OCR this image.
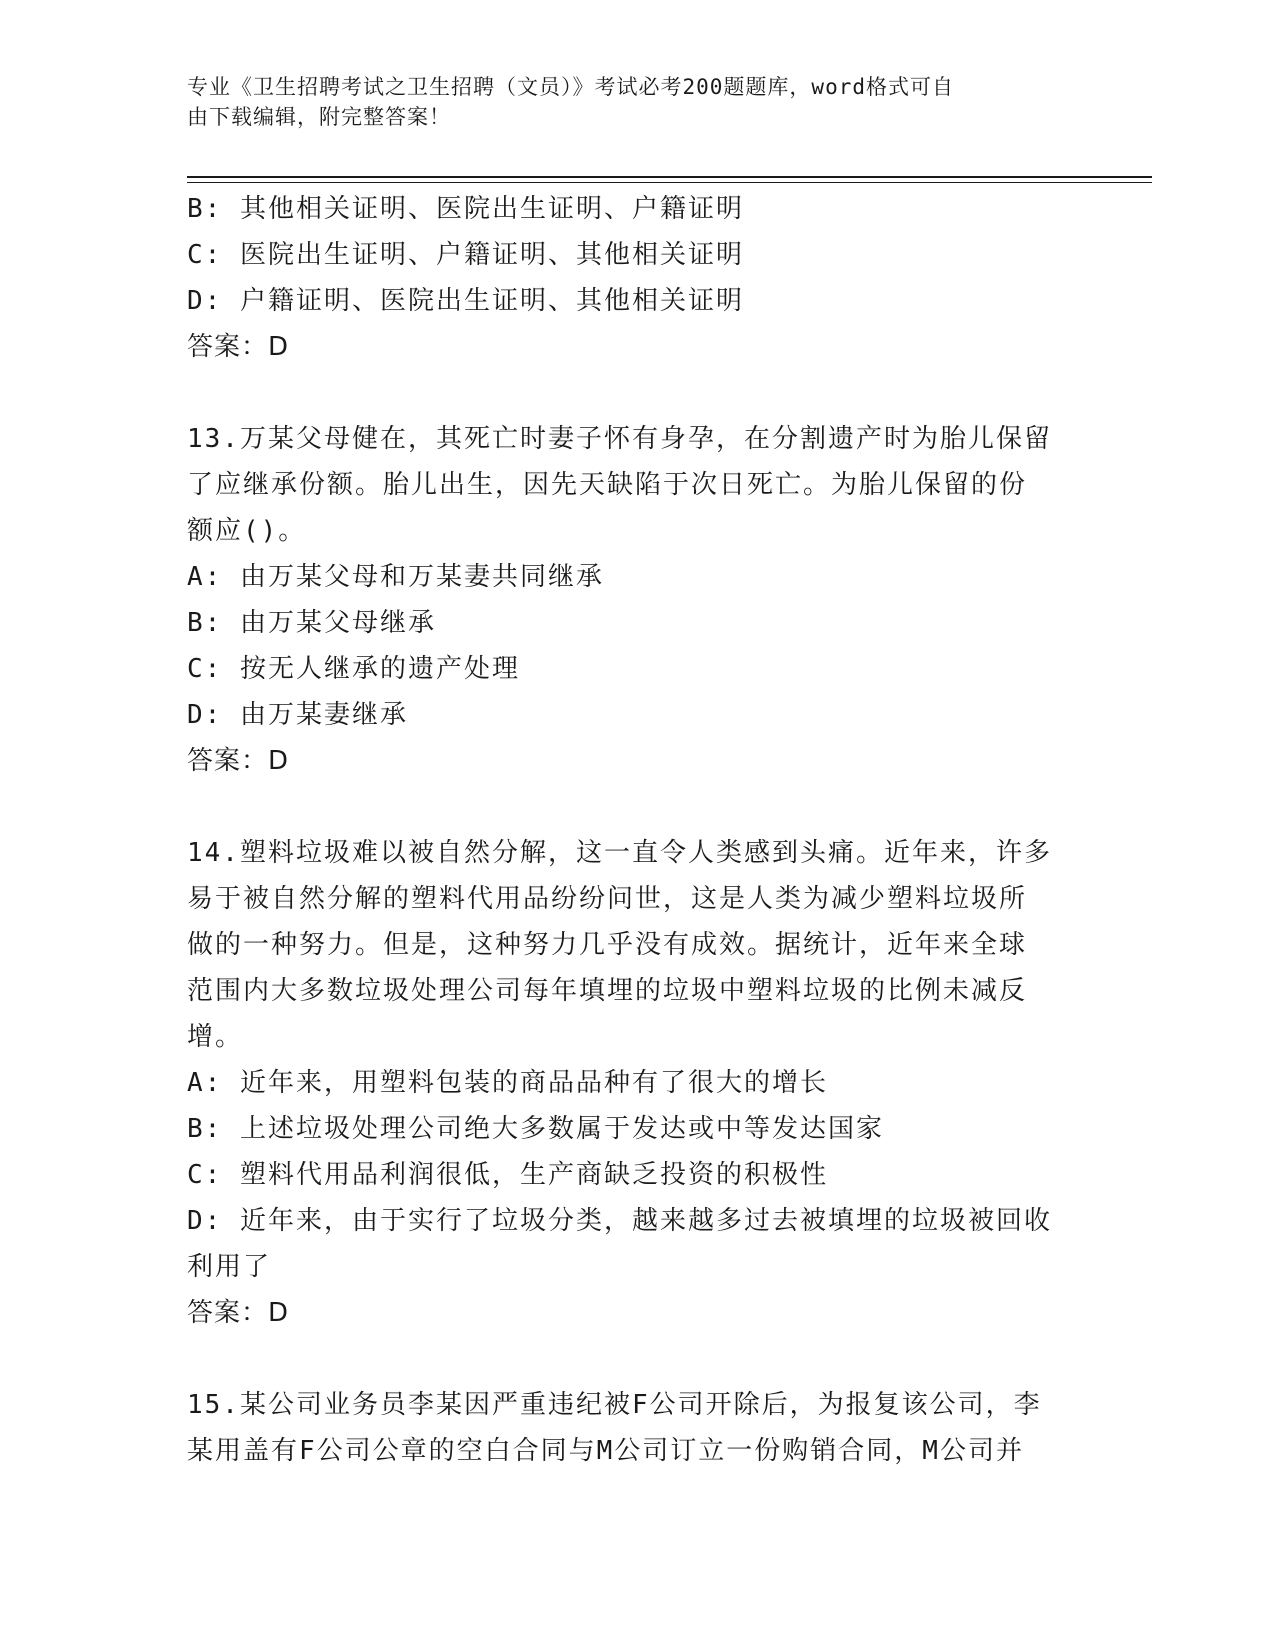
专业《卫生招聘考试之卫生招聘（文员）》考试必考200题题库，word格式可自
由下载编辑，附完整答案！
B: 其他相关证明、医院出生证明、户籍证明
C: 医院出生证明、户籍证明、其他相关证明
D: 户籍证明、医院出生证明、其他相关证明
答案：D
13.万某父母健在，其死亡时妻子怀有身孕，在分割遗产时为胎儿保留
了应继承份额。胎儿出生，因先天缺陷于次日死亡。为胎儿保留的份
额应()。
A: 由万某父母和万某妻共同继承
B: 由万某父母继承
C: 按无人继承的遗产处理
D: 由万某妻继承
答案：D
14.塑料垃圾难以被自然分解，这一直令人类感到头痛。近年来，许多
易于被自然分解的塑料代用品纷纷问世，这是人类为减少塑料垃圾所
做的一种努力。但是，这种努力几乎没有成效。据统计，近年来全球
范围内大多数垃圾处理公司每年填埋的垃圾中塑料垃圾的比例未减反
增。
A: 近年来，用塑料包装的商品品种有了很大的增长
B: 上述垃圾处理公司绝大多数属于发达或中等发达国家
C: 塑料代用品利润很低，生产商缺乏投资的积极性
D: 近年来，由于实行了垃圾分类，越来越多过去被填埋的垃圾被回收
利用了
答案：D
15.某公司业务员李某因严重违纪被F公司开除后，为报复该公司，李
某用盖有F公司公章的空白合同与M公司订立一份购销合同，M公司并
